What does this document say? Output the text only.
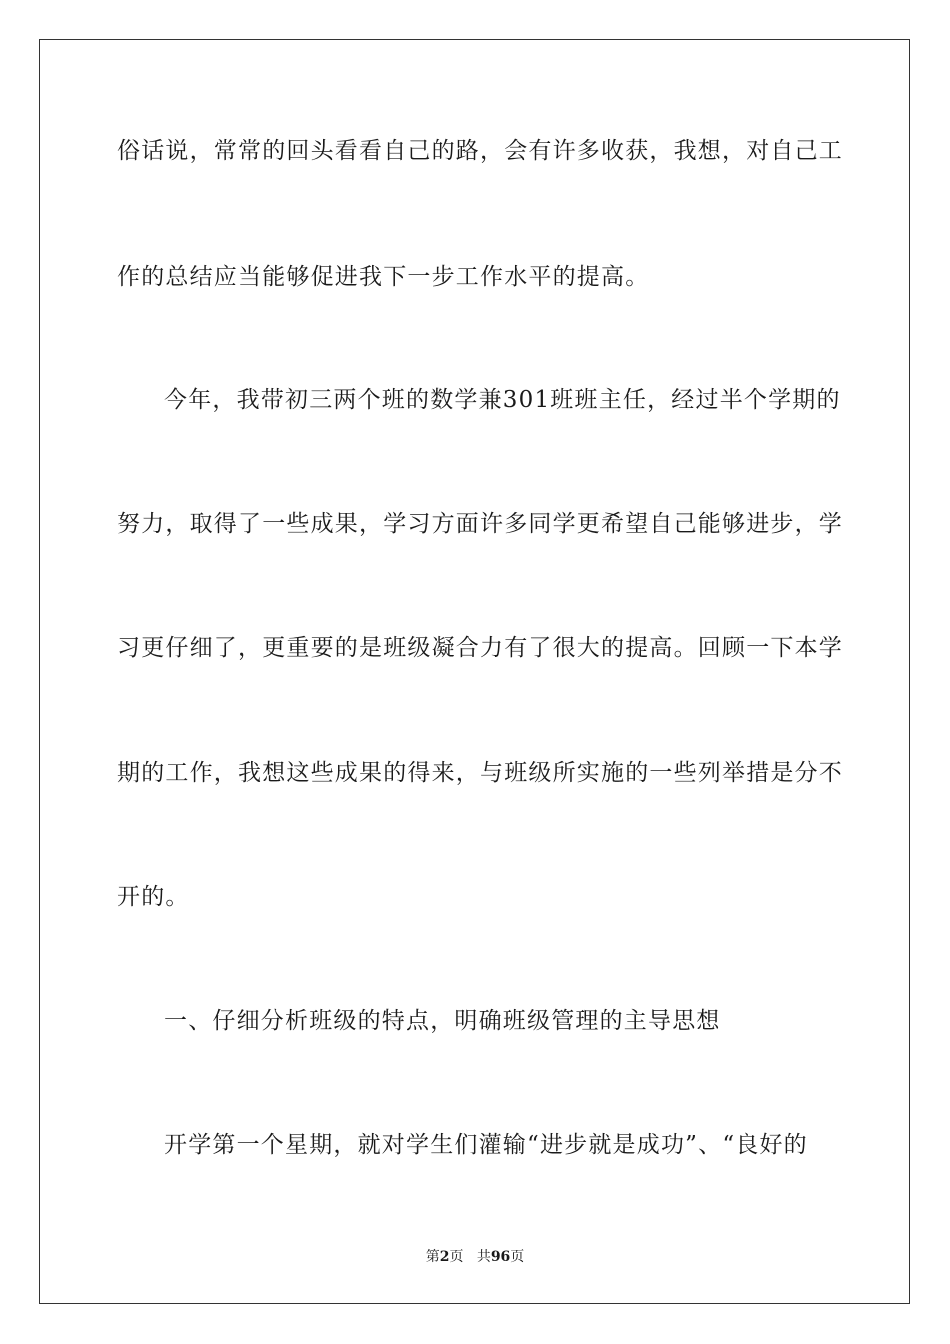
俗话说，常常的回头看看自己的路，会有许多收获，我想，对自己工
作的总结应当能够促进我下一步工作水平的提高。
今年，我带初三两个班的数学兼301班班主任，经过半个学期的
努力，取得了一些成果，学习方面许多同学更希望自己能够进步，学
习更仔细了，更重要的是班级凝合力有了很大的提高。回顾一下本学
期的工作，我想这些成果的得来，与班级所实施的一些列举措是分不
开的。
一、仔细分析班级的特点，明确班级管理的主导思想
开学第一个星期，就对学生们灌输“进步就是成功”、“良好的
第2页 共96页
